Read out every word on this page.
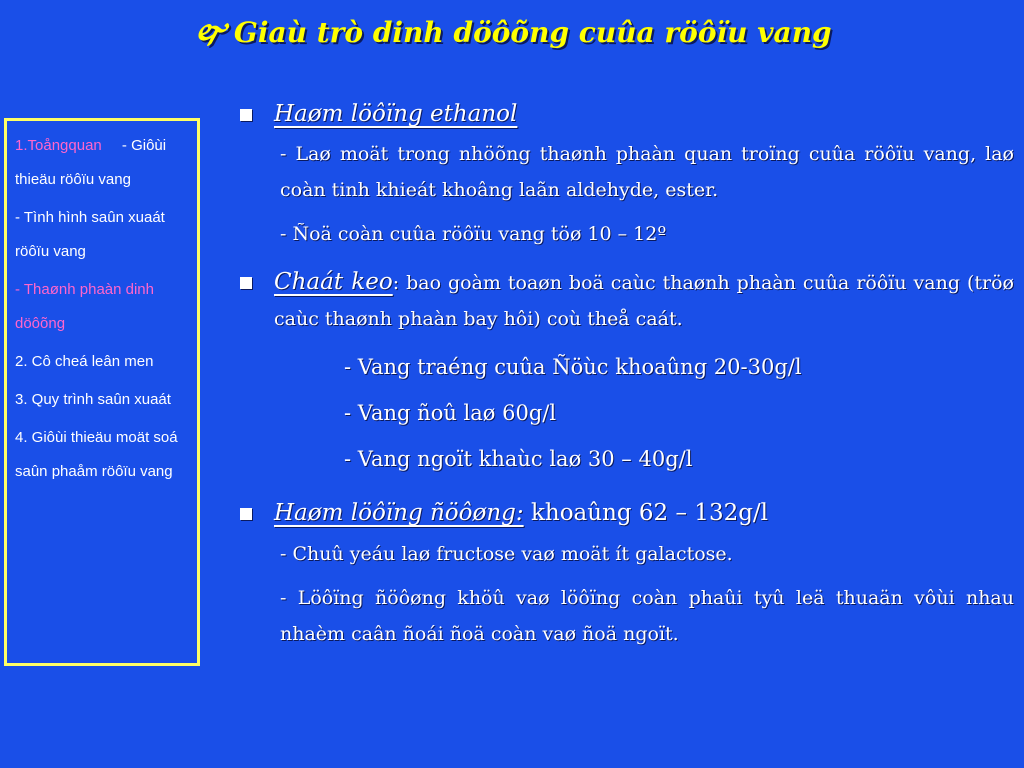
🙰 Giaù trò dinh döôõng cuûa röôïu vang
1.Toångquan - Giôùi thieäu röôïu vang
- Tình hình saûn xuaát röôïu vang
- Thaønh phaàn dinh döôõng
2. Cô cheá leân men
3. Quy trình saûn xuaát
4. Giôùi thieäu moät soá saûn phaåm röôïu vang
Haøm löôïng ethanol
- Laø moät trong nhöõng thaønh phaàn quan troïng cuûa röôïu vang, laø coàn tinh khieát khoâng laãn aldehyde, ester.
- Ñoä coàn cuûa röôïu vang töø 10 – 12º
Chaát keo: bao goàm toaøn boä caùc thaønh phaàn cuûa röôïu vang (tröø caùc thaønh phaàn bay hôi) coù theå caát.
- Vang traéng cuûa Ñöùc khoaûng 20-30g/l
- Vang ñoû laø 60g/l
- Vang ngoït khaùc laø 30 – 40g/l
Haøm löôïng ñöôøng: khoaûng 62 – 132g/l
- Chuû yeáu laø fructose vaø moät ít galactose.
- Löôïng ñöôøng khöû vaø löôïng coàn phaûi tyû leä thuaän vôùi nhau nhaèm caân ñoái ñoä coàn vaø ñoä ngoït.
